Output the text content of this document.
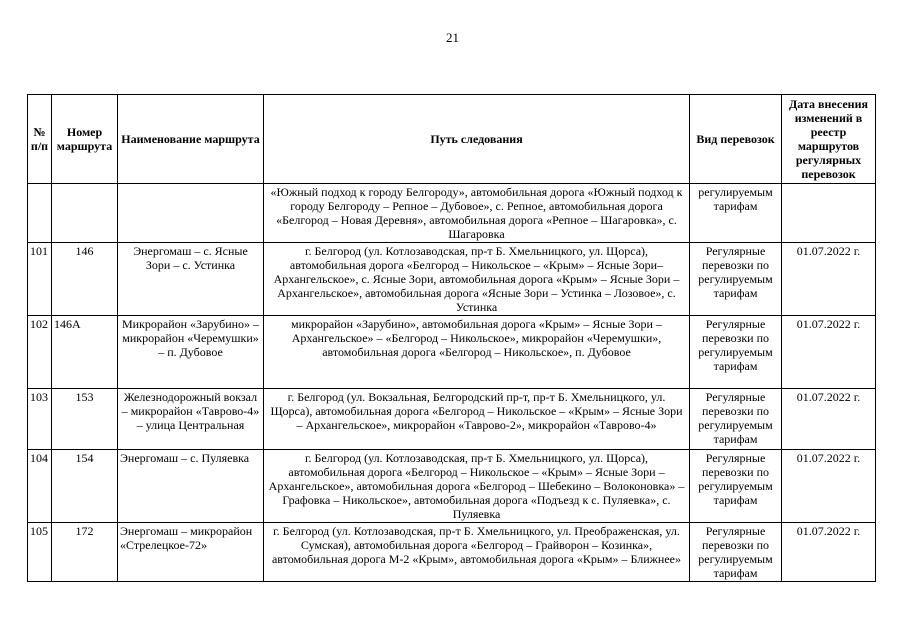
21
№ п/п	Номер маршрута	Наименование маршрута	Путь следования	Вид перевозок	Дата внесения изменений в реестр маршрутов регулярных перевозок
			«Южный подход к городу Белгороду», автомобильная дорога «Южный подход к городу Белгороду – Репное – Дубовое», с. Репное, автомобильная дорога «Белгород – Новая Деревня», автомобильная дорога «Репное – Шагаровка», с. Шагаровка	регулируемым тарифам	
101	146	Энергомаш – с. Ясные Зори – с. Устинка	г. Белгород (ул. Котлозаводская, пр-т Б. Хмельницкого, ул. Щорса), автомобильная дорога «Белгород – Никольское – «Крым» – Ясные Зори– Архангельское», с. Ясные Зори, автомобильная дорога «Крым» – Ясные Зори – Архангельское», автомобильная дорога «Ясные Зори – Устинка – Лозовое», с. Устинка	Регулярные перевозки по регулируемым тарифам	01.07.2022 г.
102	146А	Микрорайон «Зарубино» – микрорайон «Черемушки» – п. Дубовое	микрорайон «Зарубино», автомобильная дорога «Крым» – Ясные Зори – Архангельское» – «Белгород – Никольское», микрорайон «Черемушки», автомобильная дорога «Белгород – Никольское», п. Дубовое	Регулярные перевозки по регулируемым тарифам	01.07.2022 г.
103	153	Железнодорожный вокзал – микрорайон «Таврово-4» – улица Центральная	г. Белгород (ул. Вокзальная, Белгородский пр-т, пр-т Б. Хмельницкого, ул. Щорса), автомобильная дорога «Белгород – Никольское – «Крым» – Ясные Зори – Архангельское», микрорайон «Таврово-2», микрорайон «Таврово-4»	Регулярные перевозки по регулируемым тарифам	01.07.2022 г.
104	154	Энергомаш – с. Пуляевка	г. Белгород (ул. Котлозаводская, пр-т Б. Хмельницкого, ул. Щорса), автомобильная дорога «Белгород – Никольское – «Крым» – Ясные Зори – Архангельское», автомобильная дорога «Белгород – Шебекино – Волоконовка» – Графовка – Никольское», автомобильная дорога «Подъезд к с. Пуляевка», с. Пуляевка	Регулярные перевозки по регулируемым тарифам	01.07.2022 г.
105	172	Энергомаш – микрорайон «Стрелецкое-72»	г. Белгород (ул. Котлозаводская, пр-т Б. Хмельницкого, ул. Преображенская, ул. Сумская), автомобильная дорога «Белгород – Грайворон – Козинка», автомобильная дорога М-2 «Крым», автомобильная дорога «Крым» – Ближнее»	Регулярные перевозки по регулируемым тарифам	01.07.2022 г.
